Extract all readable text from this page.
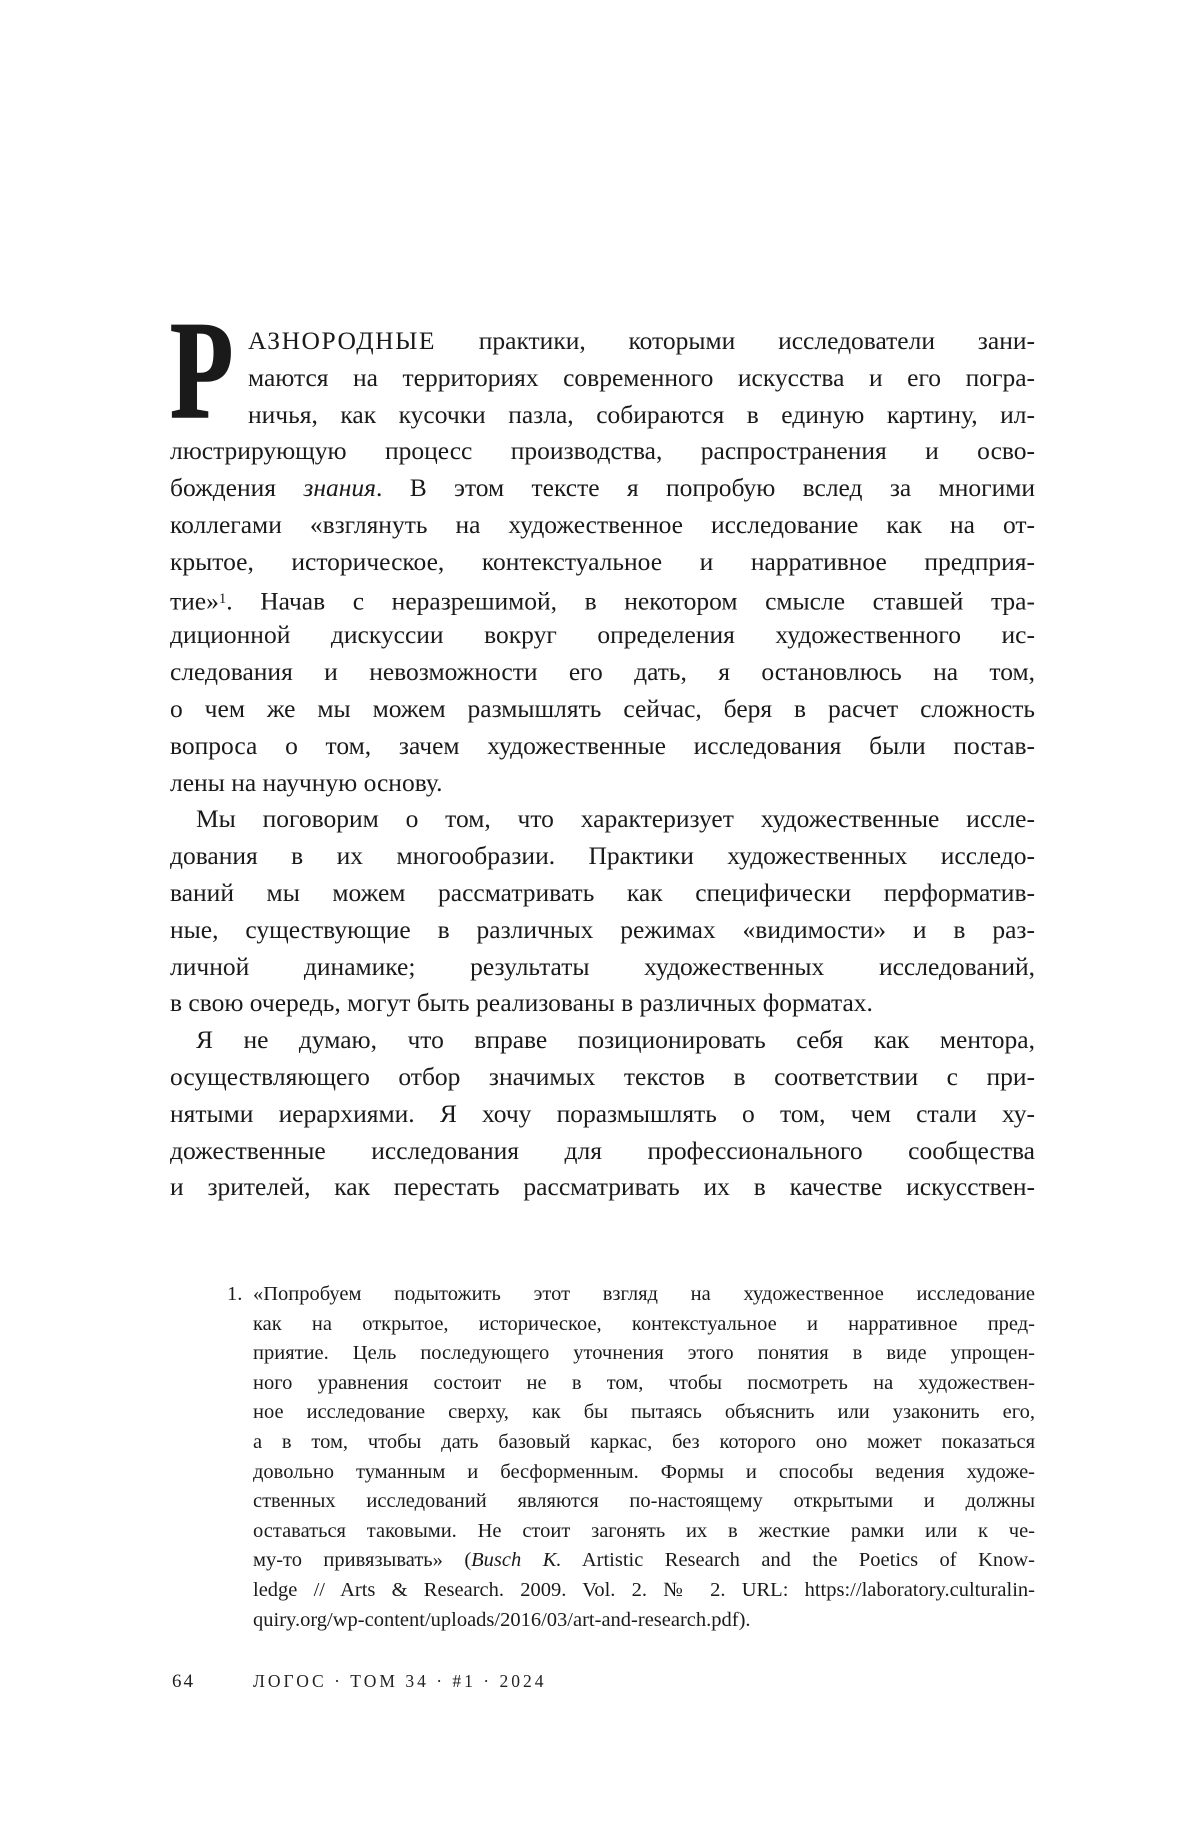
Р АЗНОРОДНЫЕ практики, которыми исследователи зани-
маются на территориях современного искусства и его погра-
ничья, как кусочки пазла, собираются в единую картину, ил-
люстрирующую процесс производства, распространения и осво-
бождения знания. В этом тексте я попробую вслед за многими
коллегами «взглянуть на художественное исследование как на от-
крытое, историческое, контекстуальное и нарративное предприя-
тие»$^1$. Начав с неразрешимой, в некотором смысле ставшей тра-
диционной дискуссии вокруг определения художественного ис-
следования и невозможности его дать, я остановлюсь на том,
о чем же мы можем размышлять сейчас, беря в расчет сложность
вопроса о том, зачем художественные исследования были постав-
лены на научную основу.
Мы поговорим о том, что характеризует художественные иссле-
дования в их многообразии. Практики художественных исследо-
ваний мы можем рассматривать как специфически перформатив-
ные, существующие в различных режимах «видимости» и в раз-
личной динамике; результаты художественных исследований,
в свою очередь, могут быть реализованы в различных форматах.
Я не думаю, что вправе позиционировать себя как ментора,
осуществляющего отбор значимых текстов в соответствии с при-
нятыми иерархиями. Я хочу поразмышлять о том, чем стали ху-
дожественные исследования для профессионального сообщества
и зрителей, как перестать рассматривать их в качестве искусствен-
1. «Попробуем подытожить этот взгляд на художественное исследование
как на открытое, историческое, контекстуальное и нарративное пред-
приятие. Цель последующего уточнения этого понятия в виде упрощен-
ного уравнения состоит не в том, чтобы посмотреть на художествен-
ное исследование сверху, как бы пытаясь объяснить или узаконить его,
а в том, чтобы дать базовый каркас, без которого оно может показаться
довольно туманным и бесформенным. Формы и способы ведения художе-
ственных исследований являются по-настоящему открытыми и должны
оставаться таковыми. Не стоит загонять их в жесткие рамки или к че-
му-то привязывать» (Busch K. Artistic Research and the Poetics of Know-
ledge // Arts & Research. 2009. Vol. 2. № 2. URL: https://laboratory.culturalin-
quiry.org/wp-content/uploads/2016/03/art-and-research.pdf).
64	ЛОГОС · ТОМ 34 · #1 · 2024
